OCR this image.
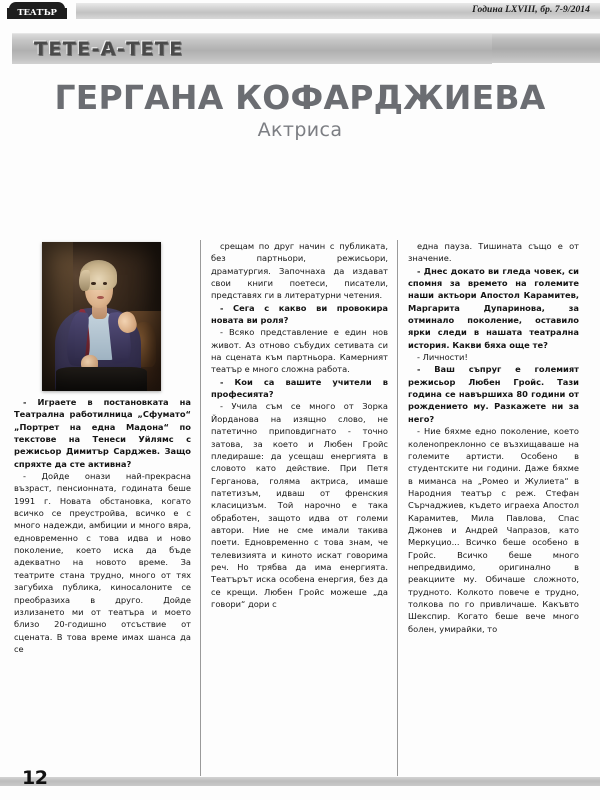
ТЕАТЪР	Година LXVIII, бр. 7-9/2014
ТЕТЕ-А-ТЕТЕ
ГЕРГАНА КОФАРДЖИЕВА
Актриса

- Играете в постановката на Театрална работилница „Сфумато“ „Портрет на една Мадона“ по текстове на Тенеси Уйлямс с режисьор Димитър Сарджев. Защо спряхте да сте активна?

- Дойде онази най-прекрасна възраст, пенсионната, годината беше 1991 г. Новата обстановка, когато всичко се преустройва, всичко е с много надежди, амбиции и много вяра, едновременно с това идва и ново поколение, което иска да бъде адекватно на новото време. За театрите стана трудно, много от тях загубиха публика, киносалоните се преобразиха в друго. Дойде излизането ми от театъра и моето близо 20-годишно отсъствие от сцената. В това време имах шанса да се

срещам по друг начин с публиката, без партньори, режисьори, драматургия. Започнаха да издават свои книги поетеси, писатели, представях ги в литературни четения.

- Сега с какво ви провокира новата ви роля?

- Всяко представление е един нов живот. Аз отново събудих сетивата си на сцената към партньора. Камерният театър е много сложна работа.

- Кои са вашите учители в професията?

- Учила съм се много от Зорка Йорданова на изящно слово, не патетично приповдигнато - точно затова, за което и Любен Гройс пледираше: да усещаш енергията в словото като действие. При Петя Герганова, голяма актриса, имаше патетизъм, идваш от френския класицизъм. Той нарочно е така обработен, защото идва от големи автори. Ние не сме имали такива поети. Едновременно с това знам, че телевизията и киното искат говорима реч. Но трябва да има енергията. Театърът иска особена енергия, без да се крещи. Любен Гройс можеше „да говори“ дори с

една пауза. Тишината също е от значение.

- Днес докато ви гледа човек, си спомня за времето на големите наши актьори Апостол Карамитев, Маргарита Дупаринова, за отминало поколение, оставило ярки следи в нашата театрална история. Какви бяха още те?

- Личности!

- Ваш съпруг е големият режисьор Любен Гройс. Тази година се навършиха 80 години от рождението му. Разкажете ни за него?

- Ние бяхме едно поколение, което коленопреклонно се възхищаваше на големите артисти. Особено в студентските ни години. Даже бяхме в миманса на „Ромео и Жулиета“ в Народния театър с реж. Стефан Сърчаджиев, където играеха Апостол Карамитев, Мила Павлова, Спас Джонев и Андрей Чапразов, като Меркуцио... Всичко беше особено в Гройс. Всичко беше много непредвидимо, оригинално в реакциите му. Обичаше сложното, трудното. Колкото повече е трудно, толкова по го привличаше. Какъвто Шекспир. Когато беше вече много болен, умирайки, то

12
